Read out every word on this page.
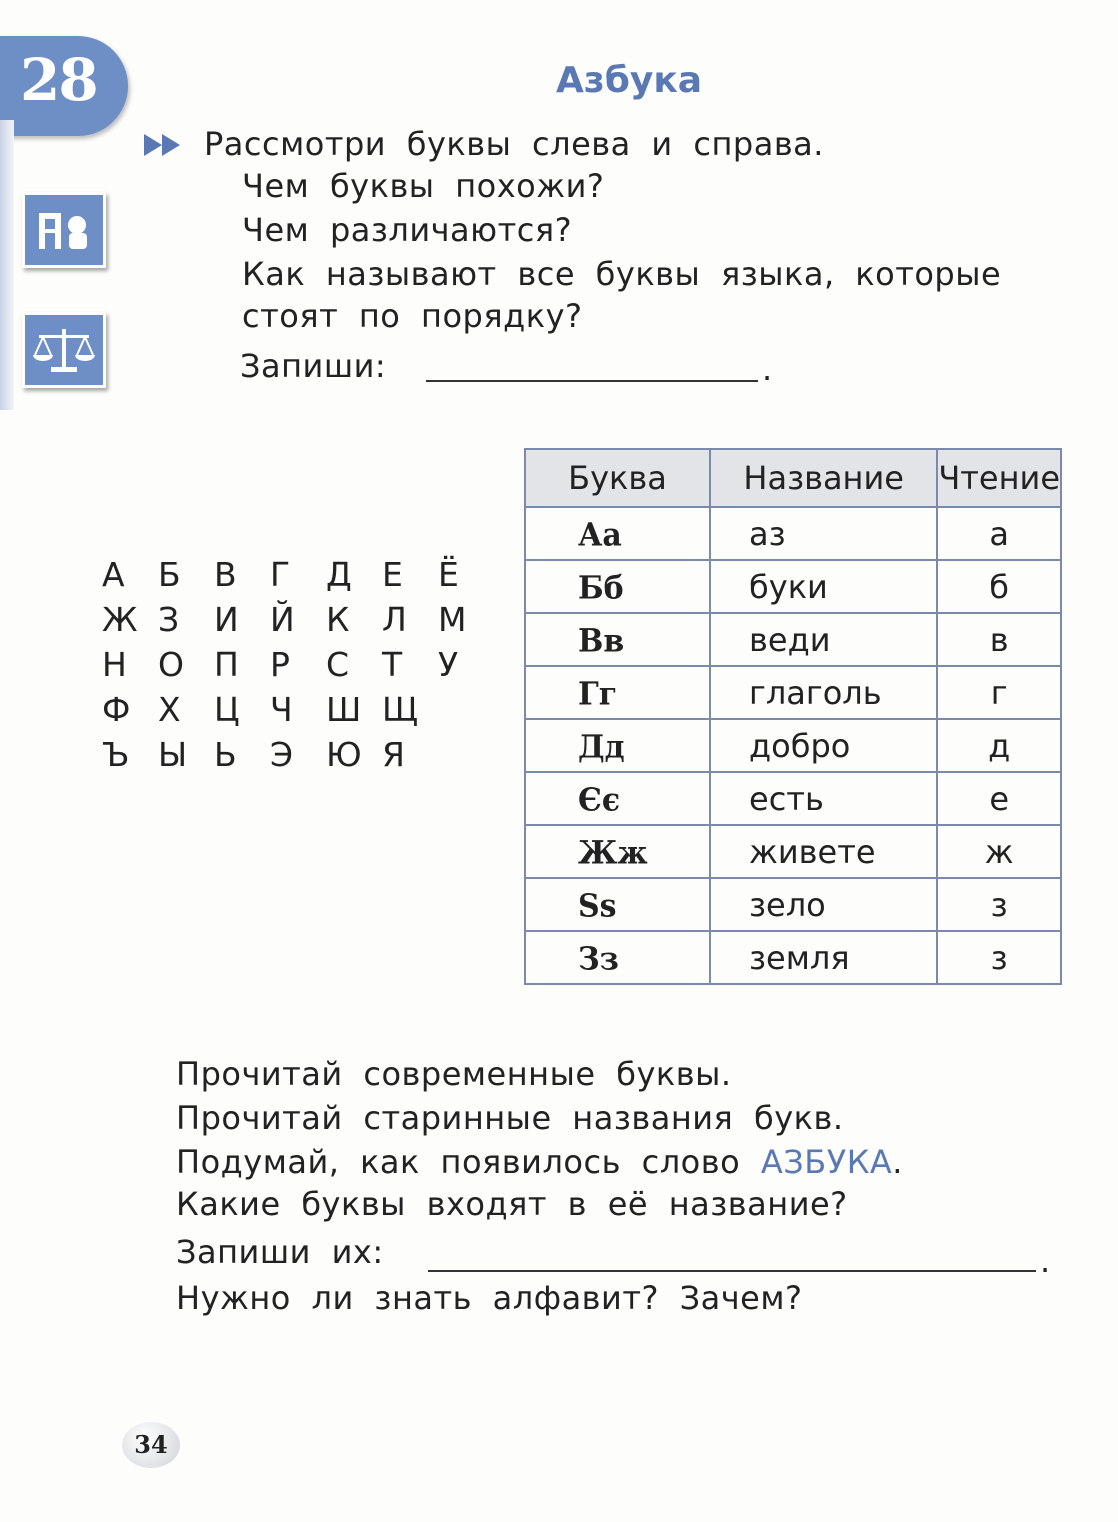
28	Азбука
Рассмотри буквы слева и справа.
Чем буквы похожи?
Чем различаются?
Как называют все буквы языка, которые
стоят по порядку?
Запиши:	.
А Б В Г Д Е Ё
Ж З И Й К Л М
Н О П Р С Т У
Ф Х Ц Ч Ш Щ
Ъ Ы Ь Э Ю Я
Буква	Название	Чтение
Аа	аз	а
Бб	буки	б
Вв	веди	в
Гг	глаголь	г
Дд	добро	д
Єє	есть	е
Жж	живете	ж
Ѕѕ	зело	з
Зз	земля	з
Прочитай современные буквы.
Прочитай старинные названия букв.
Подумай, как появилось слово АЗБУКА.
Какие буквы входят в её название?
Запиши их:	.
Нужно ли знать алфавит? Зачем?
34
